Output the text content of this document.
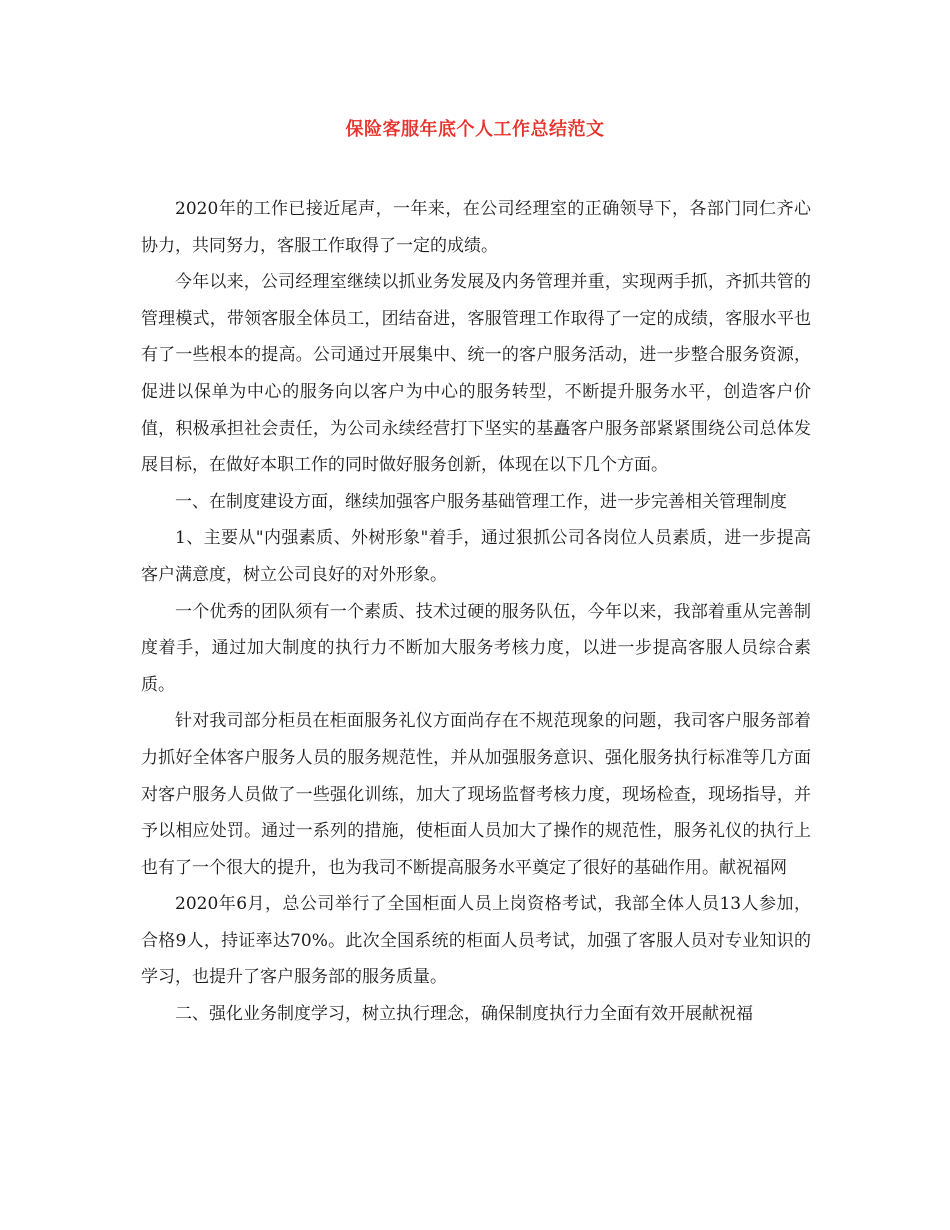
保险客服年底个人工作总结范文

2020年的工作已接近尾声，一年来，在公司经理室的正确领导下，各部门同仁齐心协力，共同努力，客服工作取得了一定的成绩。

今年以来，公司经理室继续以抓业务发展及内务管理并重，实现两手抓，齐抓共管的管理模式，带领客服全体员工，团结奋进，客服管理工作取得了一定的成绩，客服水平也有了一些根本的提高。公司通过开展集中、统一的客户服务活动，进一步整合服务资源，促进以保单为中心的服务向以客户为中心的服务转型，不断提升服务水平，创造客户价值，积极承担社会责任，为公司永续经营打下坚实的基矗客户服务部紧紧围绕公司总体发展目标，在做好本职工作的同时做好服务创新，体现在以下几个方面。

一、在制度建设方面，继续加强客户服务基础管理工作，进一步完善相关管理制度

1、主要从"内强素质、外树形象"着手，通过狠抓公司各岗位人员素质，进一步提高客户满意度，树立公司良好的对外形象。

一个优秀的团队须有一个素质、技术过硬的服务队伍，今年以来，我部着重从完善制度着手，通过加大制度的执行力不断加大服务考核力度，以进一步提高客服人员综合素质。

针对我司部分柜员在柜面服务礼仪方面尚存在不规范现象的问题，我司客户服务部着力抓好全体客户服务人员的服务规范性，并从加强服务意识、强化服务执行标准等几方面对客户服务人员做了一些强化训练，加大了现场监督考核力度，现场检查，现场指导，并予以相应处罚。通过一系列的措施，使柜面人员加大了操作的规范性，服务礼仪的执行上也有了一个很大的提升，也为我司不断提高服务水平奠定了很好的基础作用。献祝福网

2020年6月，总公司举行了全国柜面人员上岗资格考试，我部全体人员13人参加，合格9人，持证率达70%。此次全国系统的柜面人员考试，加强了客服人员对专业知识的学习，也提升了客户服务部的服务质量。

二、强化业务制度学习，树立执行理念，确保制度执行力全面有效开展献祝福
